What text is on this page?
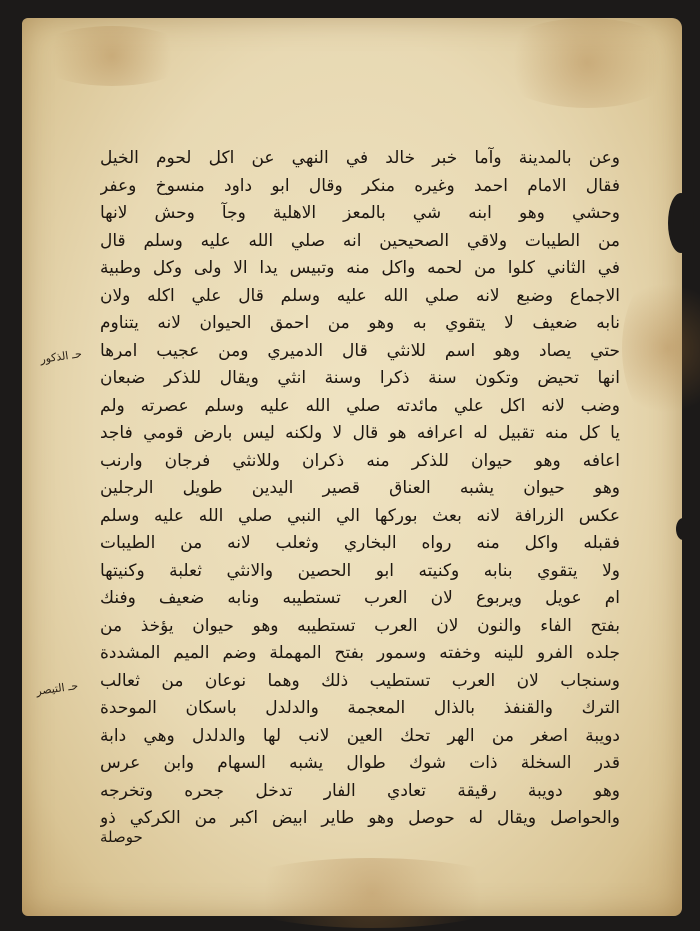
وعن بالمدينة وآما خبر خالد في النهي عن اكل لحوم الخيل
فقال الامام احمد وغيره منكر وقال ابو داود منسوخ وعفر
وحشي وهو ابنه شي بالمعز الاهلية وجآ وحش لانها
من الطيبات ولاقي الصحيحين انه صلي الله عليه وسلم قال
في الثاني كلوا من لحمه واكل منه وتبيس يدا الا ولى وكل وطبية
الاجماع وضبع لانه صلي الله عليه وسلم قال علي اكله ولان
نابه ضعيف لا يتقوي به وهو من احمق الحيوان لانه يتناوم
حتي يصاد وهو اسم للانثي قال الدميري ومن عجيب امرها
انها تحيض وتكون سنة ذكرا وسنة انثي ويقال للذكر ضبعان
وضب لانه اكل علي مائدته صلي الله عليه وسلم عصرته ولم
يا كل منه تقبيل له اعرافه هو قال لا ولكنه ليس بارض قومي فاجد
اعافه وهو حيوان للذكر منه ذكران وللانثي فرجان وارنب
وهو حيوان يشبه العناق قصير اليدين طويل الرجلين
عكس الزرافة لانه بعث بوركها الي النبي صلي الله عليه وسلم
فقبله واكل منه رواه البخاري وثعلب لانه من الطيبات
ولا يتقوي بنابه وكنيته ابو الحصين والانثي ثعلبة وكنيتها
ام عويل ويربوع لان العرب تستطيبه ونابه ضعيف وفنك
بفتح الفاء والنون لان العرب تستطيبه وهو حيوان يؤخذ من
جلده الفرو للينه وخفته وسمور بفتح المهملة وضم الميم المشددة
وسنجاب لان العرب تستطيب ذلك وهما نوعان من ثعالب
الترك والقنفذ بالذال المعجمة والدلدل باسكان الموحدة
دويبة اصغر من الهر تحك العين لانب لها والدلدل وهي دابة
قدر السخلة ذات شوك طوال يشبه السهام وابن عرس
وهو دويبة رقيقة تعادي الفار تدخل جحره وتخرجه
والحواصل ويقال له حوصل وهو طاير ابيض اكبر من الكركي ذو
حـ الذكور
حـ التيصر
حوصلة
